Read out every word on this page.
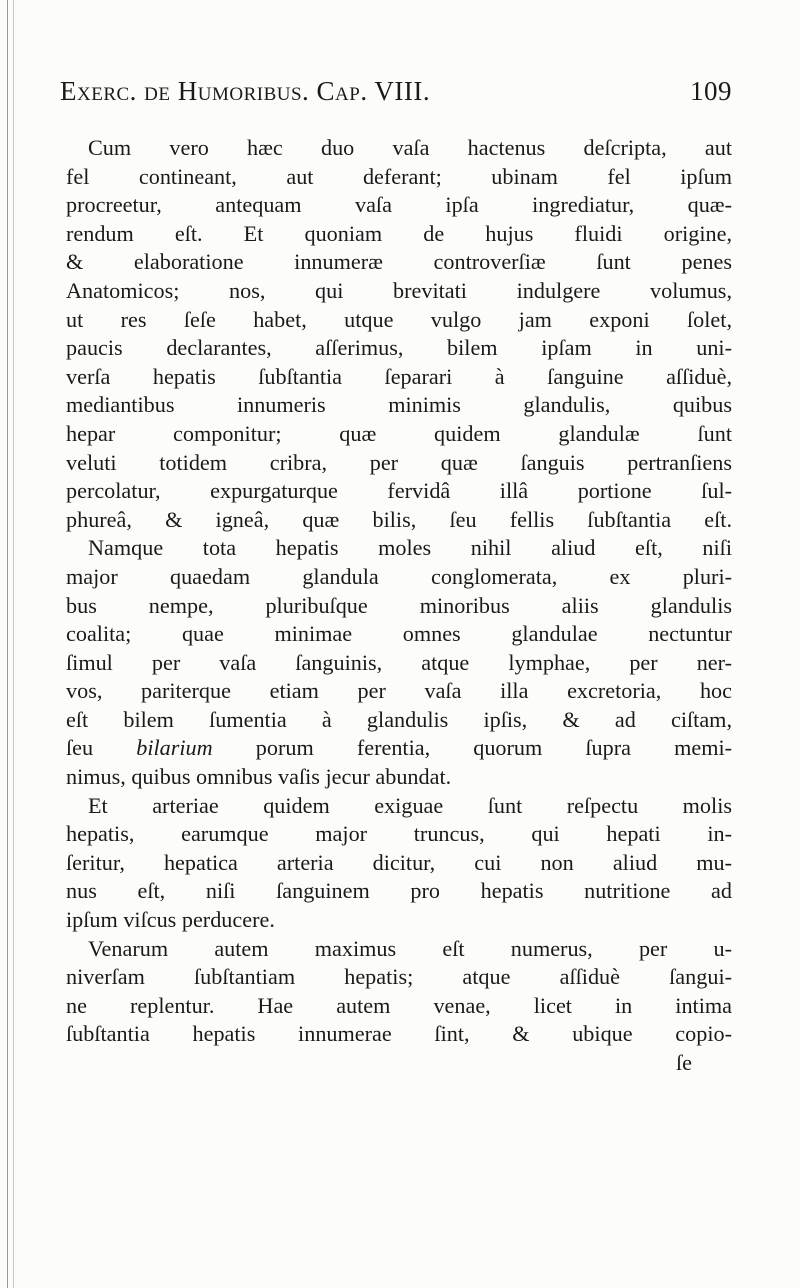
Exerc. de Humoribus. Cap. VIII.	109
Cum vero hæc duo vaſa hactenus deſcripta, aut
fel contineant, aut deferant; ubinam fel ipſum
procreetur, antequam vaſa ipſa ingrediatur, quæ-
rendum eſt. Et quoniam de hujus fluidi origine,
& elaboratione innumeræ controverſiæ ſunt penes
Anatomicos; nos, qui brevitati indulgere volumus,
ut res ſeſe habet, utque vulgo jam exponi ſolet,
paucis declarantes, aſſerimus, bilem ipſam in uni-
verſa hepatis ſubſtantia ſeparari à ſanguine aſſiduè,
mediantibus innumeris minimis glandulis, quibus
hepar componitur; quæ quidem glandulæ ſunt
veluti totidem cribra, per quæ ſanguis pertranſiens
percolatur, expurgaturque fervidâ illâ portione ſul-
phureâ, & igneâ, quæ bilis, ſeu fellis ſubſtantia eſt.
Namque tota hepatis moles nihil aliud eſt, niſi
major quaedam glandula conglomerata, ex pluri-
bus nempe, pluribuſque minoribus aliis glandulis
coalita; quae minimae omnes glandulae nectuntur
ſimul per vaſa ſanguinis, atque lymphae, per ner-
vos, pariterque etiam per vaſa illa excretoria, hoc
eſt bilem ſumentia à glandulis ipſis, & ad ciſtam,
ſeu bilarium porum ferentia, quorum ſupra memi-
nimus, quibus omnibus vaſis jecur abundat.
Et arteriae quidem exiguae ſunt reſpectu molis
hepatis, earumque major truncus, qui hepati in-
ſeritur, hepatica arteria dicitur, cui non aliud mu-
nus eſt, niſi ſanguinem pro hepatis nutritione ad
ipſum viſcus perducere.
Venarum autem maximus eſt numerus, per u-
niverſam ſubſtantiam hepatis; atque aſſiduè ſangui-
ne replentur. Hae autem venae, licet in intima
ſubſtantia hepatis innumerae ſint, & ubique copio-
ſe
